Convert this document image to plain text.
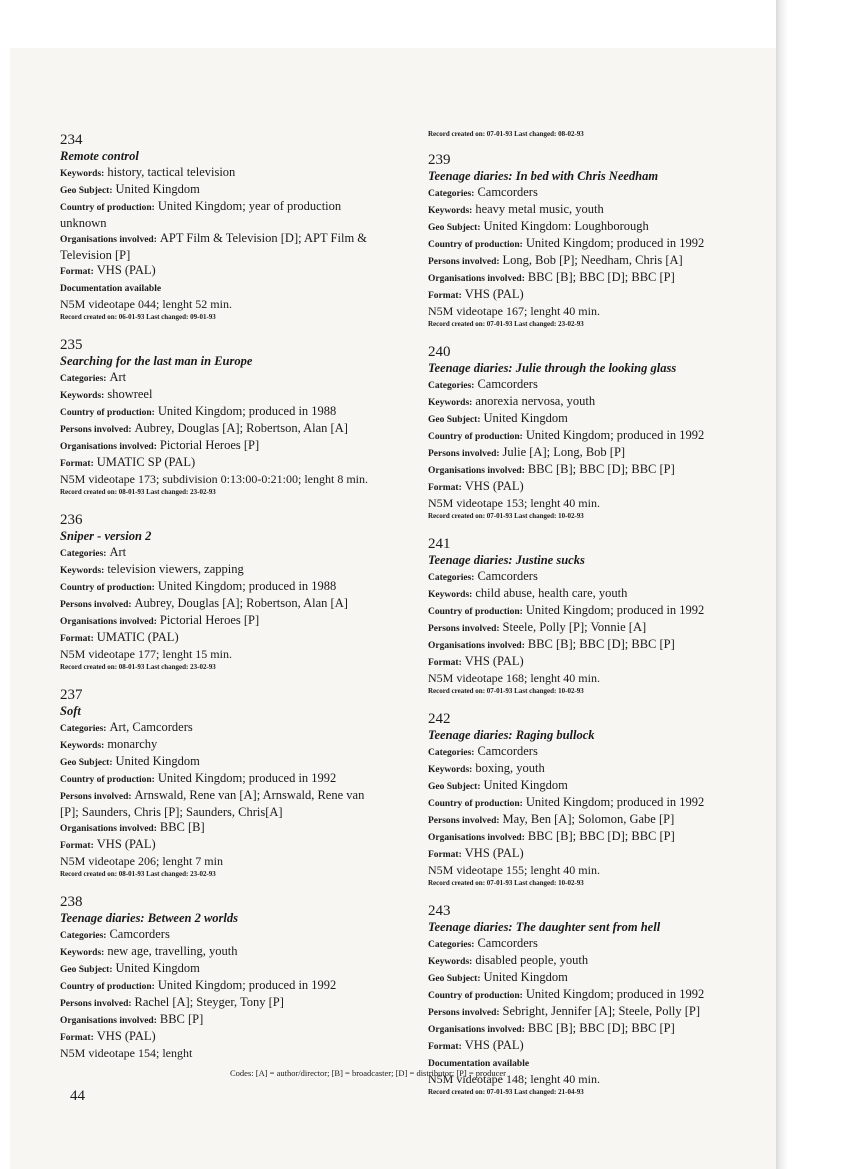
234
Remote control
Keywords: history, tactical television
Geo Subject: United Kingdom
Country of production: United Kingdom; year of production unknown
Organisations involved: APT Film & Television [D]; APT Film & Television [P]
Format: VHS (PAL)
Documentation available
N5M videotape 044; lenght 52 min.
Record created on: 06-01-93 Last changed: 09-01-93
235
Searching for the last man in Europe
Categories: Art
Keywords: showreel
Country of production: United Kingdom; produced in 1988
Persons involved: Aubrey, Douglas [A]; Robertson, Alan [A]
Organisations involved: Pictorial Heroes [P]
Format: UMATIC SP (PAL)
N5M videotape 173; subdivision 0:13:00-0:21:00; lenght 8 min.
Record created on: 08-01-93 Last changed: 23-02-93
236
Sniper - version 2
Categories: Art
Keywords: television viewers, zapping
Country of production: United Kingdom; produced in 1988
Persons involved: Aubrey, Douglas [A]; Robertson, Alan [A]
Organisations involved: Pictorial Heroes [P]
Format: UMATIC (PAL)
N5M videotape 177; lenght 15 min.
Record created on: 08-01-93 Last changed: 23-02-93
237
Soft
Categories: Art, Camcorders
Keywords: monarchy
Geo Subject: United Kingdom
Country of production: United Kingdom; produced in 1992
Persons involved: Arnswald, Rene van [A]; Arnswald, Rene van [P]; Saunders, Chris [P]; Saunders, Chris[A]
Organisations involved: BBC [B]
Format: VHS (PAL)
N5M videotape 206; lenght 7 min
Record created on: 08-01-93 Last changed: 23-02-93
238
Teenage diaries: Between 2 worlds
Categories: Camcorders
Keywords: new age, travelling, youth
Geo Subject: United Kingdom
Country of production: United Kingdom; produced in 1992
Persons involved: Rachel [A]; Steyger, Tony [P]
Organisations involved: BBC [P]
Format: VHS (PAL)
N5M videotape 154; lenght
Record created on: 07-01-93 Last changed: 08-02-93
239
Teenage diaries: In bed with Chris Needham
Categories: Camcorders
Keywords: heavy metal music, youth
Geo Subject: United Kingdom: Loughborough
Country of production: United Kingdom; produced in 1992
Persons involved: Long, Bob [P]; Needham, Chris [A]
Organisations involved: BBC [B]; BBC [D]; BBC [P]
Format: VHS (PAL)
N5M videotape 167; lenght 40 min.
Record created on: 07-01-93 Last changed: 23-02-93
240
Teenage diaries: Julie through the looking glass
Categories: Camcorders
Keywords: anorexia nervosa, youth
Geo Subject: United Kingdom
Country of production: United Kingdom; produced in 1992
Persons involved: Julie [A]; Long, Bob [P]
Organisations involved: BBC [B]; BBC [D]; BBC [P]
Format: VHS (PAL)
N5M videotape 153; lenght 40 min.
Record created on: 07-01-93 Last changed: 10-02-93
241
Teenage diaries: Justine sucks
Categories: Camcorders
Keywords: child abuse, health care, youth
Country of production: United Kingdom; produced in 1992
Persons involved: Steele, Polly [P]; Vonnie [A]
Organisations involved: BBC [B]; BBC [D]; BBC [P]
Format: VHS (PAL)
N5M videotape 168; lenght 40 min.
Record created on: 07-01-93 Last changed: 10-02-93
242
Teenage diaries: Raging bullock
Categories: Camcorders
Keywords: boxing, youth
Geo Subject: United Kingdom
Country of production: United Kingdom; produced in 1992
Persons involved: May, Ben [A]; Solomon, Gabe [P]
Organisations involved: BBC [B]; BBC [D]; BBC [P]
Format: VHS (PAL)
N5M videotape 155; lenght 40 min.
Record created on: 07-01-93 Last changed: 10-02-93
243
Teenage diaries: The daughter sent from hell
Categories: Camcorders
Keywords: disabled people, youth
Geo Subject: United Kingdom
Country of production: United Kingdom; produced in 1992
Persons involved: Sebright, Jennifer [A]; Steele, Polly [P]
Organisations involved: BBC [B]; BBC [D]; BBC [P]
Format: VHS (PAL)
Documentation available
N5M videotape 148; lenght 40 min.
Record created on: 07-01-93 Last changed: 21-04-93
Codes: [A] = author/director; [B] = broadcaster; [D] = distributor; [P] = producer
44
